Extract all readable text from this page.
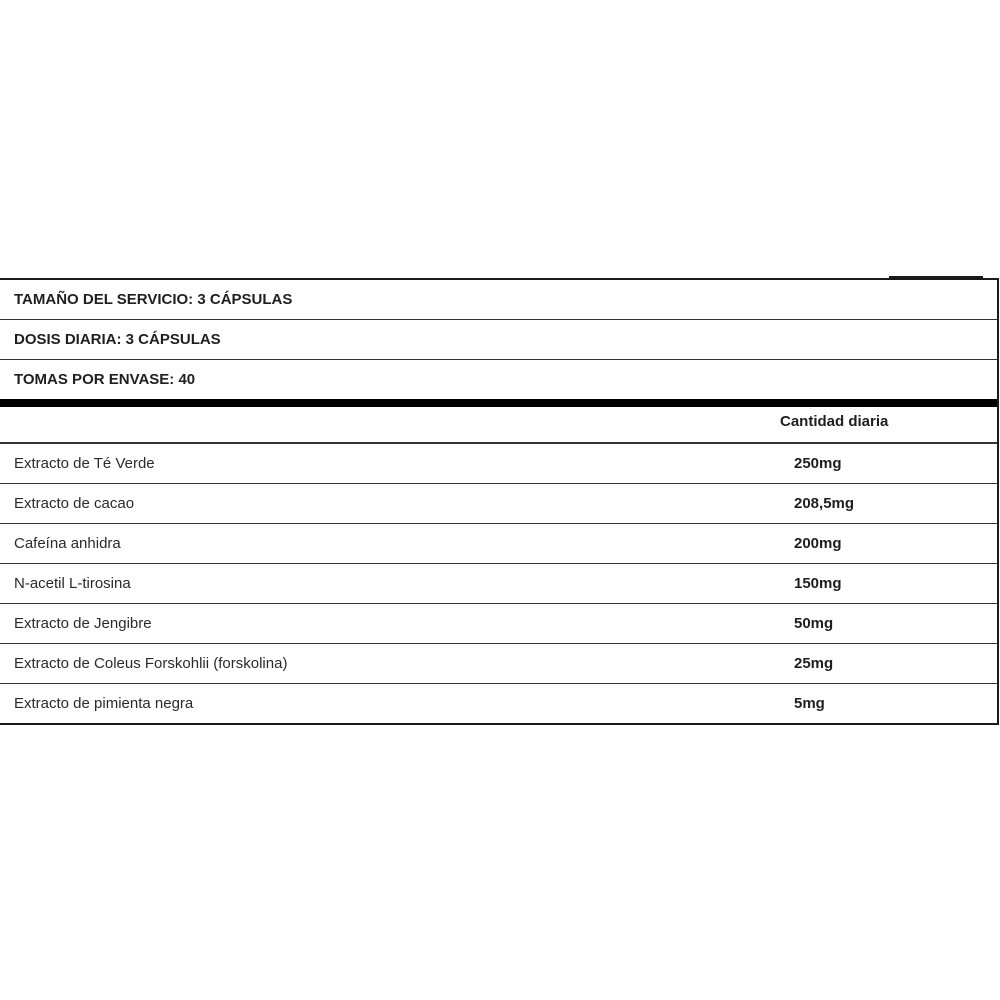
TAMAÑO DEL SERVICIO: 3 CÁPSULAS
DOSIS DIARIA: 3 CÁPSULAS
TOMAS POR ENVASE: 40
Cantidad diaria
Extracto de Té Verde	250mg
Extracto de cacao	208,5mg
Cafeína anhidra	200mg
N-acetil L-tirosina	150mg
Extracto de Jengibre	50mg
Extracto de Coleus Forskohlii (forskolina)	25mg
Extracto de pimienta negra	5mg
